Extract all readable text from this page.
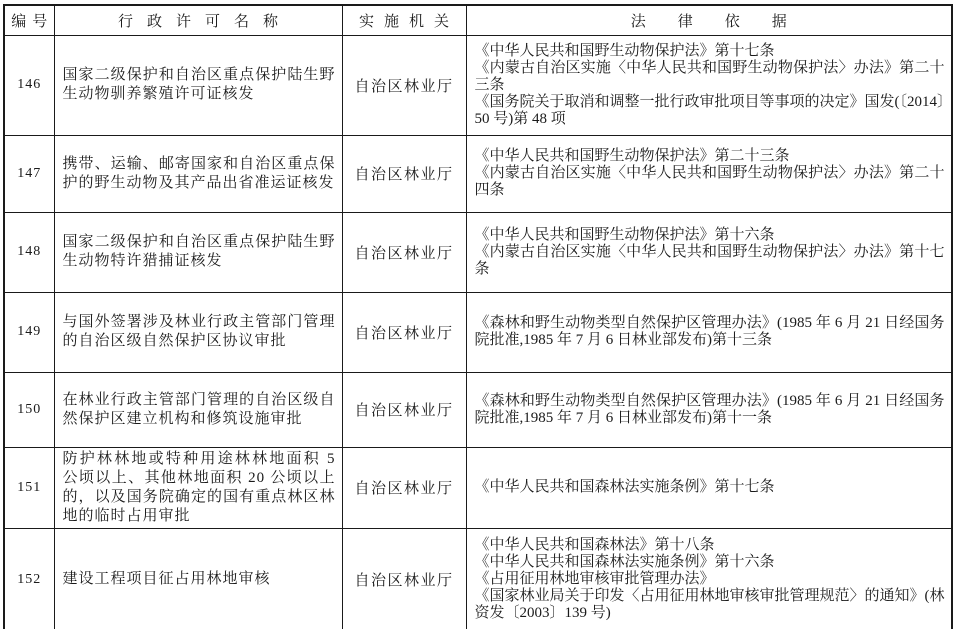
编号	行政许可名称	实施机关	法律依据
146	国家二级保护和自治区重点保护陆生野生动物驯养繁殖许可证核发	自治区林业厅	《中华人民共和国野生动物保护法》第十七条
《内蒙古自治区实施〈中华人民共和国野生动物保护法〉办法》第二十三条
《国务院关于取消和调整一批行政审批项目等事项的决定》国发(〔2014〕50 号)第 48 项

147	携带、运输、邮寄国家和自治区重点保护的野生动物及其产品出省准运证核发	自治区林业厅	《中华人民共和国野生动物保护法》第二十三条
《内蒙古自治区实施〈中华人民共和国野生动物保护法〉办法》第二十四条

148	国家二级保护和自治区重点保护陆生野生动物特许猎捕证核发	自治区林业厅	《中华人民共和国野生动物保护法》第十六条
《内蒙古自治区实施〈中华人民共和国野生动物保护法〉办法》第十七条

149	与国外签署涉及林业行政主管部门管理的自治区级自然保护区协议审批	自治区林业厅	《森林和野生动物类型自然保护区管理办法》(1985 年 6 月 21 日经国务院批准,1985 年 7 月 6 日林业部发布)第十三条

150	在林业行政主管部门管理的自治区级自然保护区建立机构和修筑设施审批	自治区林业厅	《森林和野生动物类型自然保护区管理办法》(1985 年 6 月 21 日经国务院批准,1985 年 7 月 6 日林业部发布)第十一条

151	防护林林地或特种用途林林地面积 5 公顷以上、其他林地面积 20 公顷以上的，以及国务院确定的国有重点林区林地的临时占用审批	自治区林业厅	《中华人民共和国森林法实施条例》第十七条

152	建设工程项目征占用林地审核	自治区林业厅	《中华人民共和国森林法》第十八条
《中华人民共和国森林法实施条例》第十六条
《占用征用林地审核审批管理办法》
《国家林业局关于印发〈占用征用林地审核审批管理规范〉的通知》(林资发〔2003〕139 号)
